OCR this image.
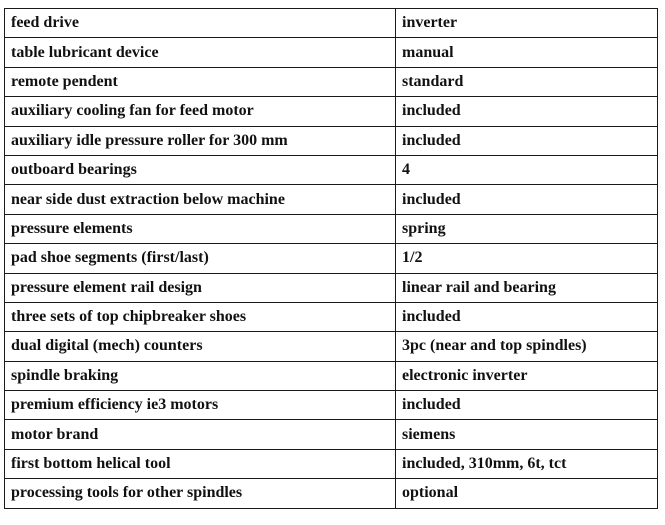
feed drive	inverter
table lubricant device	manual
remote pendent	standard
auxiliary cooling fan for feed motor	included
auxiliary idle pressure roller for 300 mm	included
outboard bearings	4
near side dust extraction below machine	included
pressure elements	spring
pad shoe segments (first/last)	1/2
pressure element rail design	linear rail and bearing
three sets of top chipbreaker shoes	included
dual digital (mech) counters	3pc (near and top spindles)
spindle braking	electronic inverter
premium efficiency ie3 motors	included
motor brand	siemens
first bottom helical tool	included, 310mm, 6t, tct
processing tools for other spindles	optional
